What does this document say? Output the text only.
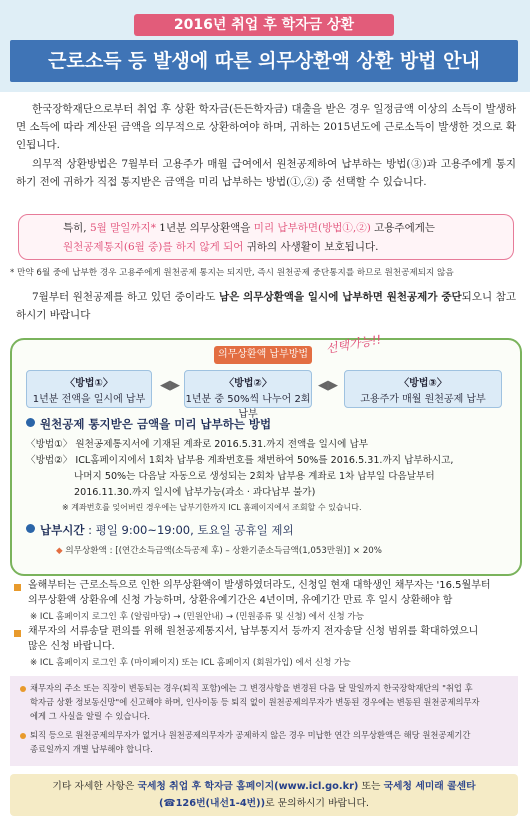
2016년 취업 후 학자금 상환
근로소득 등 발생에 따른 의무상환액 상환 방법 안내
한국장학재단으로부터 취업 후 상환 학자금(든든학자금) 대출을 받은 경우 일정금액 이상의 소득이 발생하면 소득에 따라 계산된 금액을 의무적으로 상환하여야 하며, 귀하는 2015년도에 근로소득이 발생한 것으로 확인됩니다.
의무적 상환방법은 7월부터 고용주가 매월 급여에서 원천공제하여 납부하는 방법(③)과 고용주에게 통지하기 전에 귀하가 직접 통지받은 금액을 미리 납부하는 방법(①,②) 중 선택할 수 있습니다.
특히, 5월 말일까지* 1년분 의무상환액을 미리 납부하면(방법①,②) 고용주에게는
원천공제통지(6월 중)를 하지 않게 되어 귀하의 사생활이 보호됩니다.
* 만약 6월 중에 납부한 경우 고용주에게 원천공제 통지는 되지만, 즉시 원천공제 중단통지를 하므로 원천공제되지 않음
7월부터 원천공제를 하고 있던 중이라도 남은 의무상환액을 일시에 납부하면 원천공제가 중단되오니 참고하시기 바랍니다
의무상환액 납부방법	선택가능!!
〈방법①〉
1년분 전액을 일시에 납부
◀▶	〈방법②〉
1년분 중 50%씩 나누어 2회 납부
◀▶	〈방법③〉
고용주가 매월 원천공제 납부
원천공제 통지받은 금액을 미리 납부하는 방법
〈방법①〉 원천공제통지서에 기재된 계좌로 2016.5.31.까지 전액을 일시에 납부
〈방법②〉 ICL홈페이지에서 1회차 납부용 계좌번호를 채번하여 50%를 2016.5.31.까지 납부하시고,
나머지 50%는 다음날 자동으로 생성되는 2회차 납부용 계좌로 1차 납부일 다음날부터
2016.11.30.까지 일시에 납부가능(과소 · 과다납부 불가)
※ 계좌번호를 잊어버린 경우에는 납부기한까지 ICL 홈페이지에서 조회할 수 있습니다.
납부시간 : 평일 9:00~19:00, 토요일 공휴일 제외
◆ 의무상환액 : [(연간소득금액(소득공제 후) – 상환기준소득금액(1,053만원)] × 20%
올해부터는 근로소득으로 인한 의무상환액이 발생하였더라도, 신청일 현재 대학생인 채무자는 '16.5월부터
의무상환액 상환유예 신청 가능하며, 상환유예기간은 4년이며, 유예기간 만료 후 일시 상환해야 함
※ ICL 홈페이지 로그인 후 (알림마당) → (민원안내) → (민원종류 및 신청) 에서 신청 가능
채무자의 서류송달 편의를 위해 원천공제통지서, 납부통지서 등까지 전자송달 신청 범위를 확대하였으니
많은 신청 바랍니다.
※ ICL 홈페이지 로그인 후 (마이페이지) 또는 ICL 홈페이지 (회원가입) 에서 신청 가능
채무자의 주소 또는 직장이 변동되는 경우(퇴직 포함)에는 그 변경사항을 변경된 다음 달 말일까지 한국장학재단의 "취업 후
학자금 상환 정보동신망"에 신고해야 하며, 인사이동 등 퇴직 없이 원천공제의무자가 변동된 경우에는 변동된 원천공제의무자
에게 그 사실을 알릴 수 있습니다.
퇴직 등으로 원천공제의무자가 없거나 원천공제의무자가 공제하지 않은 경우 미납한 연간 의무상환액은 해당 원천공제기간
종료일까지 개별 납부해야 합니다.
기타 자세한 사항은 국세청 취업 후 학자금 홈페이지(www.icl.go.kr) 또는 국세청 세미래 콜센타
(☎126번(내선1-4번))로 문의하시기 바랍니다.
